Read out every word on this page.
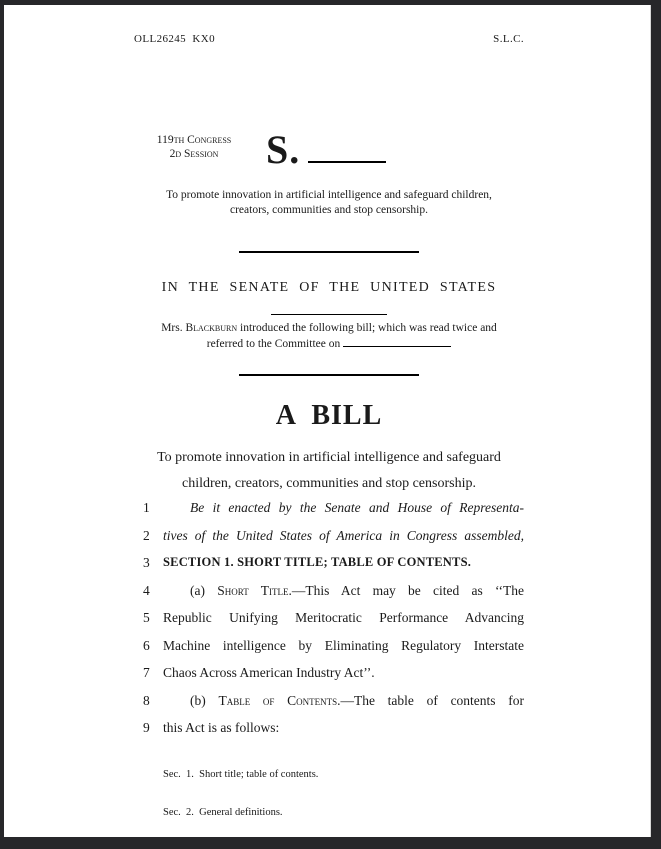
OLL26245  KX0	S.L.C.
119th Congress
2d Session	S.
To promote innovation in artificial intelligence and safeguard children,
creators, communities and stop censorship.
IN THE SENATE OF THE UNITED STATES
Mrs. Blackburn introduced the following bill; which was read twice and
referred to the Committee on
A BILL
To promote innovation in artificial intelligence and safeguard
children, creators, communities and stop censorship.
1	Be it enacted by the Senate and House of Representa-
2 tives of the United States of America in Congress assembled,
3 SECTION 1. SHORT TITLE; TABLE OF CONTENTS.
4	(a) Short Title.—This Act may be cited as ‘‘The
5 Republic Unifying Meritocratic Performance Advancing
6 Machine intelligence by Eliminating Regulatory Interstate
7 Chaos Across American Industry Act’’.
8	(b) Table of Contents.—The table of contents for
9 this Act is as follows:

Sec.  1.  Short title; table of contents.

Sec.  2.  General definitions.
